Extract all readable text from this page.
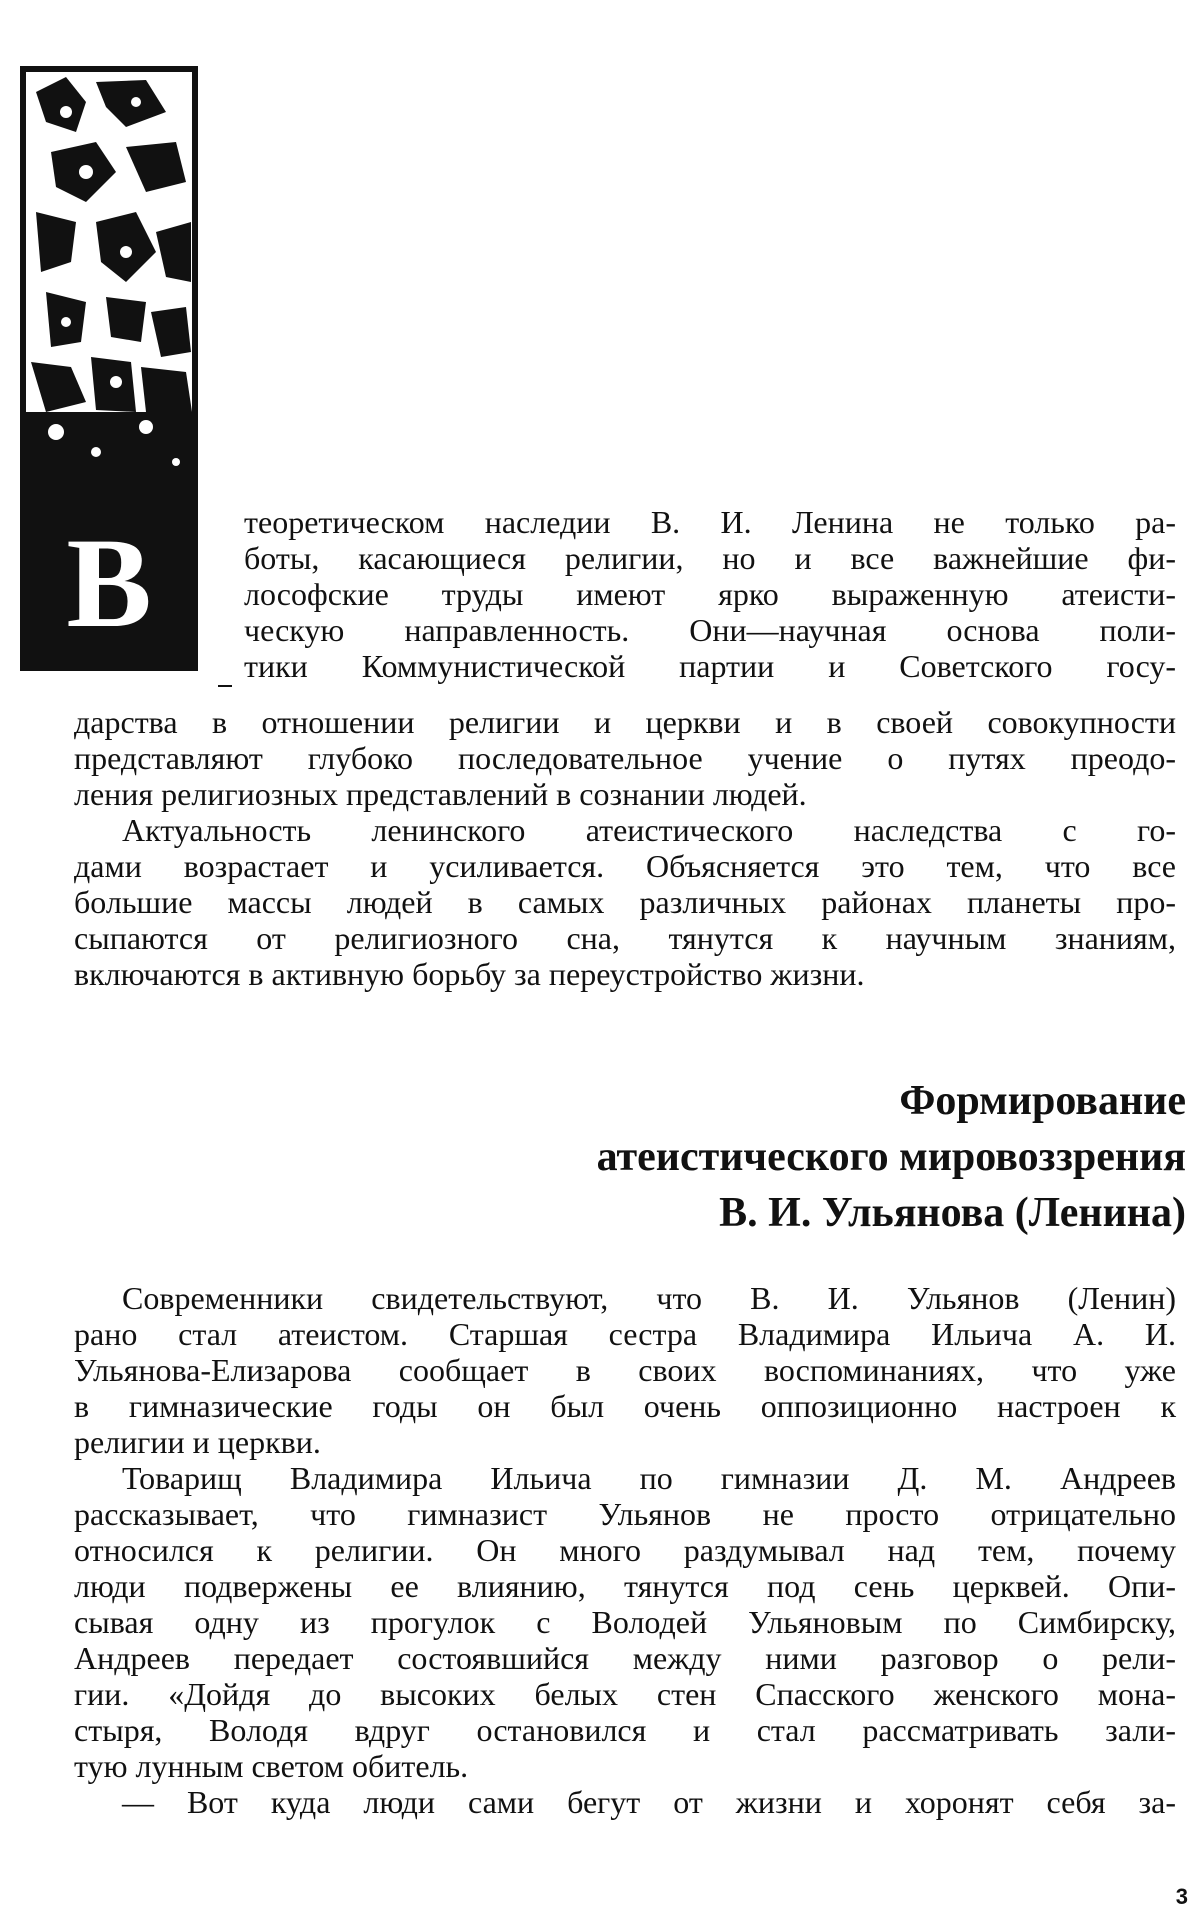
В	теоретическом наследии В. И. Ленина не только ра-
боты, касающиеся религии, но и все важнейшие фи-
лософские труды имеют ярко выраженную атеисти-
ческую направленность. Они—научная основа поли-
тики Коммунистической партии и Советского госу-
дарства в отношении религии и церкви и в своей совокупности
представляют глубоко последовательное учение о путях преодо-
ления религиозных представлений в сознании людей.
Актуальность ленинского атеистического наследства с го-
дами возрастает и усиливается. Объясняется это тем, что все
большие массы людей в самых различных районах планеты про-
сыпаются от религиозного сна, тянутся к научным знаниям,
включаются в активную борьбу за переустройство жизни.
Формирование
атеистического мировоззрения
В. И. Ульянова (Ленина)
Современники свидетельствуют, что В. И. Ульянов (Ленин)
рано стал атеистом. Старшая сестра Владимира Ильича А. И.
Ульянова-Елизарова сообщает в своих воспоминаниях, что уже
в гимназические годы он был очень оппозиционно настроен к
религии и церкви.
Товарищ Владимира Ильича по гимназии Д. М. Андреев
рассказывает, что гимназист Ульянов не просто отрицательно
относился к религии. Он много раздумывал над тем, почему
люди подвержены ее влиянию, тянутся под сень церквей. Опи-
сывая одну из прогулок с Володей Ульяновым по Симбирску,
Андреев передает состоявшийся между ними разговор о рели-
гии. «Дойдя до высоких белых стен Спасского женского мона-
стыря, Володя вдруг остановился и стал рассматривать зали-
тую лунным светом обитель.
— Вот куда люди сами бегут от жизни и хоронят себя за-
3
